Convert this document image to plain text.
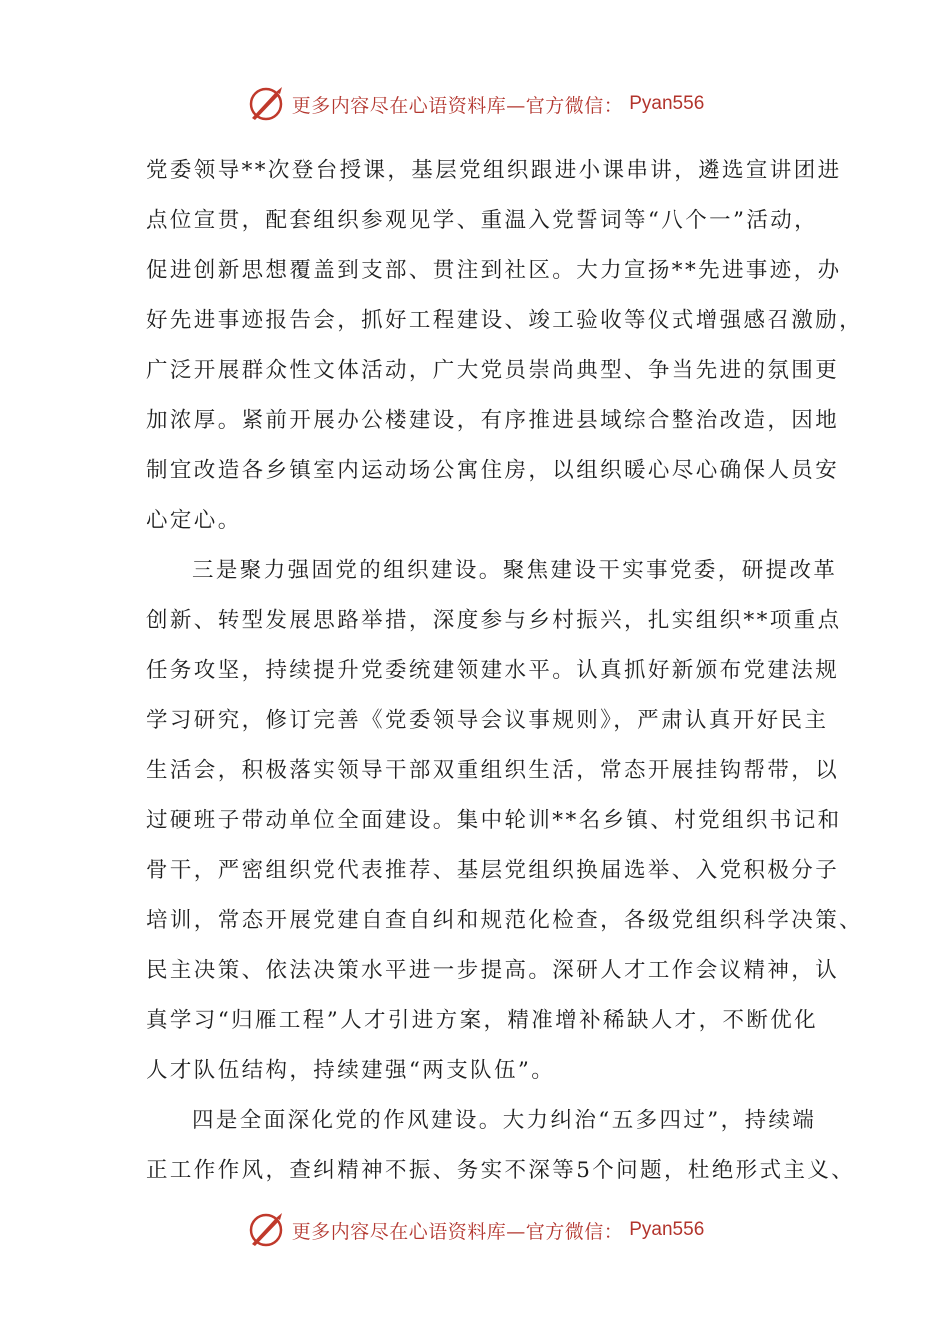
更多内容尽在心语资料库—官方微信： Pyan556
党委领导**次登台授课，基层党组织跟进小课串讲，遴选宣讲团进
点位宣贯，配套组织参观见学、重温入党誓词等“八个一”活动，
促进创新思想覆盖到支部、贯注到社区。大力宣扬**先进事迹，办
好先进事迹报告会，抓好工程建设、竣工验收等仪式增强感召激励，
广泛开展群众性文体活动，广大党员崇尚典型、争当先进的氛围更
加浓厚。紧前开展办公楼建设，有序推进县域综合整治改造，因地
制宜改造各乡镇室内运动场公寓住房，以组织暖心尽心确保人员安
心定心。
三是聚力强固党的组织建设。聚焦建设干实事党委，研提改革
创新、转型发展思路举措，深度参与乡村振兴，扎实组织**项重点
任务攻坚，持续提升党委统建领建水平。认真抓好新颁布党建法规
学习研究，修订完善《党委领导会议事规则》，严肃认真开好民主
生活会，积极落实领导干部双重组织生活，常态开展挂钩帮带，以
过硬班子带动单位全面建设。集中轮训**名乡镇、村党组织书记和
骨干，严密组织党代表推荐、基层党组织换届选举、入党积极分子
培训，常态开展党建自查自纠和规范化检查，各级党组织科学决策、
民主决策、依法决策水平进一步提高。深研人才工作会议精神，认
真学习“归雁工程”人才引进方案，精准增补稀缺人才，不断优化
人才队伍结构，持续建强“两支队伍”。
四是全面深化党的作风建设。大力纠治“五多四过”，持续端
正工作作风，查纠精神不振、务实不深等5个问题，杜绝形式主义、
更多内容尽在心语资料库—官方微信： Pyan556
